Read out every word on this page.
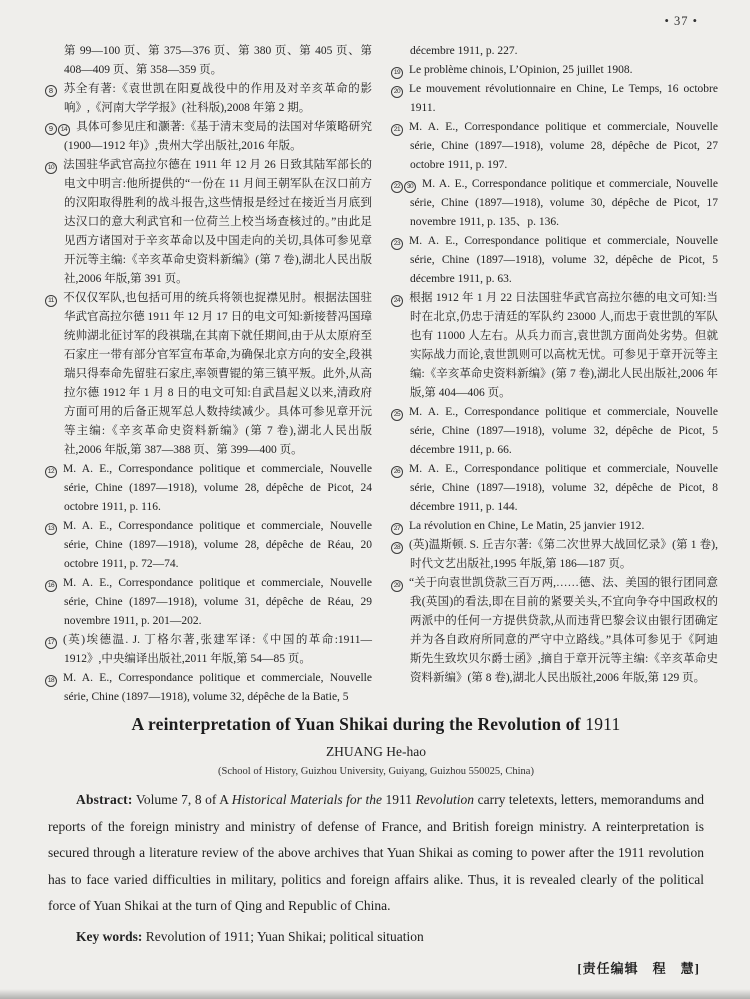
• 37 •
第 99—100 页、第 375—376 页、第 380 页、第 405 页、第 408—409 页、第 358—359 页。
8 苏全有著:《袁世凯在阳夏战役中的作用及对辛亥革命的影响》,《河南大学学报》(社科版),2008 年第 2 期。
9 14 具体可参见庄和灏著:《基于清末变局的法国对华策略研究(1900—1912 年)》,贵州大学出版社,2016 年版。
10 法国驻华武官高拉尔德在 1911 年 12 月 26 日致其陆军部长的电文中明言:他所提供的“一份在 11 月间王朝军队在汉口前方的汉阳取得胜利的战斗报告,这些情报是经过在接近当月底到达汉口的意大利武官和一位荷兰上校当场查核过的。”由此足见西方诸国对于辛亥革命以及中国走向的关切,具体可参见章开沅等主编:《辛亥革命史资料新编》(第 7 卷),湖北人民出版社,2006 年版,第 391 页。
11 不仅仅军队,也包括可用的统兵将领也捉襟见肘。根据法国驻华武官高拉尔德 1911 年 12 月 17 日的电文可知:新接替冯国璋统帅湖北征讨军的段祺瑞,在其南下就任期间,由于从太原府至石家庄一带有部分官军宣布革命,为确保北京方向的安全,段祺瑞只得奉命先留驻石家庄,率领曹锟的第三镇平叛。此外,从高拉尔德 1912 年 1 月 8 日的电文可知:自武昌起义以来,清政府方面可用的后备正规军总人数持续减少。具体可参见章开沅等主编:《辛亥革命史资料新编》(第 7 卷),湖北人民出版社,2006 年版,第 387—388 页、第 399—400 页。
12 M. A. E., Correspondance politique et commerciale, Nouvelle série, Chine (1897—1918), volume 28, dépêche de Picot, 24 octobre 1911, p. 116.
13 M. A. E., Correspondance politique et commerciale, Nouvelle série, Chine (1897—1918), volume 28, dépêche de Réau, 20 octobre 1911, p. 72—74.
16 M. A. E., Correspondance politique et commerciale, Nouvelle série, Chine (1897—1918), volume 31, dépêche de Réau, 29 novembre 1911, p. 201—202.
17 (英)埃德温. J. 丁格尔著,张建军译:《中国的革命:1911—1912》,中央编译出版社,2011 年版,第 54—85 页。
18 M. A. E., Correspondance politique et commerciale, Nouvelle série, Chine (1897—1918), volume 32, dépêche de la Batie, 5
décembre 1911, p. 227.
19 Le problème chinois, L’Opinion, 25 juillet 1908.
20 Le mouvement révolutionnaire en Chine, Le Temps, 16 octobre 1911.
21 M. A. E., Correspondance politique et commerciale, Nouvelle série, Chine (1897—1918), volume 28, dépêche de Picot, 27 octobre 1911, p. 197.
22 30 M. A. E., Correspondance politique et commerciale, Nouvelle série, Chine (1897—1918), volume 30, dépêche de Picot, 17 novembre 1911, p. 135、p. 136.
23 M. A. E., Correspondance politique et commerciale, Nouvelle série, Chine (1897—1918), volume 32, dépêche de Picot, 5 décembre 1911, p. 63.
24 根据 1912 年 1 月 22 日法国驻华武官高拉尔德的电文可知:当时在北京,仍忠于清廷的军队约 23000 人,而忠于袁世凯的军队也有 11000 人左右。从兵力而言,袁世凯方面尚处劣势。但就实际战力而论,袁世凯则可以高枕无忧。可参见于章开沅等主编:《辛亥革命史资料新编》(第 7 卷),湖北人民出版社,2006 年版,第 404—406 页。
25 M. A. E., Correspondance politique et commerciale, Nouvelle série, Chine (1897—1918), volume 32, dépêche de Picot, 5 décembre 1911, p. 66.
26 M. A. E., Correspondance politique et commerciale, Nouvelle série, Chine (1897—1918), volume 32, dépêche de Picot, 8 décembre 1911, p. 144.
27 La révolution en Chine, Le Matin, 25 janvier 1912.
28 (英)温斯顿. S. 丘吉尔著:《第二次世界大战回忆录》(第 1 卷),时代文艺出版社,1995 年版,第 186—187 页。
29 “关于向袁世凯贷款三百万两,……德、法、美国的银行团同意我(英国)的看法,即在目前的紧要关头,不宜向争夺中国政权的两派中的任何一方提供贷款,从而违背巴黎会议由银行团确定并为各自政府所同意的严守中立路线。”具体可参见于《阿迪斯先生致坎贝尔爵士函》,摘自于章开沅等主编:《辛亥革命史资料新编》(第 8 卷),湖北人民出版社,2006 年版,第 129 页。
A reinterpretation of Yuan Shikai during the Revolution of 1911
ZHUANG He-hao
(School of History, Guizhou University, Guiyang, Guizhou 550025, China)

Abstract: Volume 7, 8 of A Historical Materials for the 1911 Revolution carry teletexts, letters, memorandums and reports of the foreign ministry and ministry of defense of France, and British foreign ministry. A reinterpretation is secured through a literature review of the above archives that Yuan Shikai as coming to power after the 1911 revolution has to face varied difficulties in military, politics and foreign affairs alike. Thus, it is revealed clearly of the political force of Yuan Shikai at the turn of Qing and Republic of China.

Key words: Revolution of 1911; Yuan Shikai; political situation

[责任编辑　程　慧]
